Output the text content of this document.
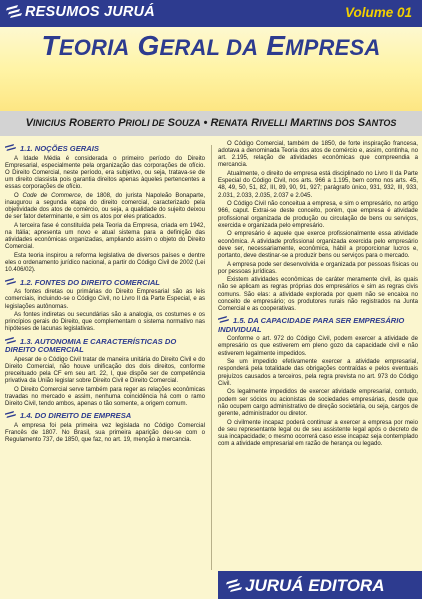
RESUMOS JURUÁ	Volume 01
TEORIA GERAL DA EMPRESA
VINICIUS ROBERTO PRIOLI DE SOUZA • RENATA RIVELLI MARTINS DOS SANTOS
1.1. NOÇÕES GERAIS

A Idade Média é considerada o primeiro período do Direito Empresarial, especialmente pela organização das corporações de ofício. O Direito Comercial, neste período, era subjetivo, ou seja, tratava-se de um direito classista pois garantia direitos apenas àqueles pertencentes a essas corporações de ofício.

O Code de Commerce, de 1808, do jurista Napoleão Bonaparte, inaugurou a segunda etapa do direito comercial, caracterizado pela objetividade dos atos de comércio, ou seja, a qualidade do sujeito deixou de ser fator determinante, e sim os atos por eles praticados.

A terceira fase é constituída pela Teoria da Empresa, criada em 1942, na Itália; apresenta um novo e atual sistema para a definição das atividades econômicas organizadas, ampliando assim o objeto do Direito Comercial.

Esta teoria inspirou a reforma legislativa de diversos países e dentre eles o ordenamento jurídico nacional, a partir do Código Civil de 2002 (Lei 10.406/02).

1.2. FONTES DO DIREITO COMERCIAL

As fontes diretas ou primárias do Direito Empresarial são as leis comerciais, incluindo-se o Código Civil, no Livro II da Parte Especial, e as legislações autônomas.

As fontes indiretas ou secundárias são a analogia, os costumes e os princípios gerais do Direito, que complementam o sistema normativo nas hipóteses de lacunas legislativas.

1.3. AUTONOMIA E CARACTERÍSTICAS DO DIREITO COMERCIAL

Apesar de o Código Civil tratar de maneira unitária do Direito Civil e do Direito Comercial, não houve unificação dos dois direitos, conforme preceituado pela CF em seu art. 22, I, que dispõe ser de competência privativa da União legislar sobre Direito Civil e Direito Comercial.

O Direito Comercial serve também para reger as relações econômicas travadas no mercado e assim, nenhuma coincidência há com o ramo Direito Civil, tendo ambos, apenas o tão somente, a origem comum.

1.4. DO DIREITO DE EMPRESA

A empresa foi pela primeira vez legislada no Código Comercial Francês de 1807. No Brasil, sua primeira aparição deu-se com o Regulamento 737, de 1850, que faz, no art. 19, menção à mercancia.

O Código Comercial, também de 1850, de forte inspiração francesa, adotava a denominada Teoria dos atos de comércio e, assim, continha, no art. 2.195, relação de atividades econômicas que compreendia a mercancia.

Atualmente, o direito de empresa está disciplinado no Livro II da Parte Especial do Código Civil, nos arts. 966 a 1.195, bem como nos arts. 45, 48, 49, 50, 51, 82, III, 89, 90, 91, 927; parágrafo único, 931, 932, III, 933, 2.031, 2.033, 2.035, 2.037 e 2.045.

O Código Civil não conceitua a empresa, e sim o empresário, no artigo 966, caput. Extrai-se deste conceito, porém, que empresa é atividade profissional organizada de produção ou circulação de bens ou serviços, exercida e organizada pelo empresário.

O empresário é aquele que exerce profissionalmente essa atividade econômica. A atividade profissional organizada exercida pelo empresário deve ser, necessariamente, econômica, hábil a proporcionar lucros e, portanto, deve destinar-se a produzir bens ou serviços para o mercado.

A empresa pode ser desenvolvida e organizada por pessoas físicas ou por pessoas jurídicas.

Existem atividades econômicas de caráter meramente civil, às quais não se aplicam as regras próprias dos empresários e sim as regras civis comuns. São elas: a atividade explorada por quem não se encaixa no conceito de empresário; os produtores rurais não registrados na Junta Comercial e as cooperativas.

1.5. DA CAPACIDADE PARA SER EMPRESÁRIO INDIVIDUAL

Conforme o art. 972 do Código Civil, podem exercer a atividade de empresário os que estiverem em pleno gozo da capacidade civil e não estiverem legalmente impedidos.

Se um impedido efetivamente exercer a atividade empresarial, responderá pela totalidade das obrigações contraídas e pelos eventuais prejuízos causados a terceiros, pela regra prevista no art. 973 do Código Civil.

Os legalmente impedidos de exercer atividade empresarial, contudo, podem ser sócios ou acionistas de sociedades empresárias, desde que não ocupem cargo administrativo de direção societária, ou seja, cargos de gerente, administrador ou diretor.

O civilmente incapaz poderá continuar a exercer a empresa por meio de seu representante legal ou de seu assistente legal após o decreto de sua incapacidade; o mesmo ocorrerá caso esse incapaz seja contemplado com a atividade empresarial em razão de herança ou legado.

JURUÁ EDITORA
